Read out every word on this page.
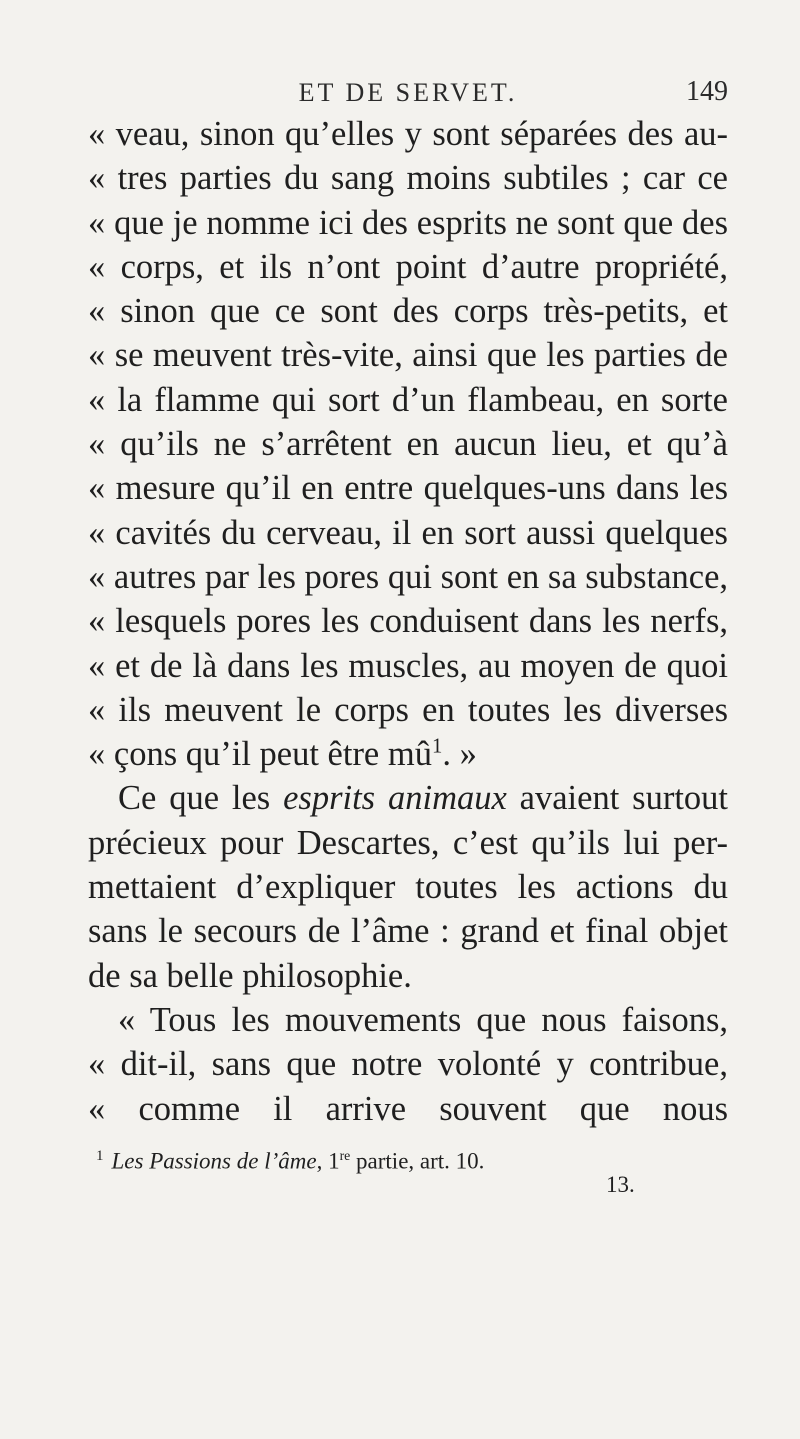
ET DE SERVET.	149
« veau, sinon qu’elles y sont séparées des au-
« tres parties du sang moins subtiles ; car ce
« que je nomme ici des esprits ne sont que des
« corps, et ils n’ont point d’autre propriété,
« sinon que ce sont des corps très-petits, et
« se meuvent très-vite, ainsi que les parties de
« la flamme qui sort d’un flambeau, en sorte
« qu’ils ne s’arrêtent en aucun lieu, et qu’à
« mesure qu’il en entre quelques-uns dans les
« cavités du cerveau, il en sort aussi quelques
« autres par les pores qui sont en sa substance,
« lesquels pores les conduisent dans les nerfs,
« et de là dans les muscles, au moyen de quoi
« ils meuvent le corps en toutes les diverses
« çons qu’il peut être $mû^1$. »
Ce que les esprits animaux avaient surtout
précieux pour Descartes, c’est qu’ils lui per-
mettaient d’expliquer toutes les actions du
sans le secours de l’âme : grand et final objet
de sa belle philosophie.
« Tous les mouvements que nous faisons,
« dit-il, sans que notre volonté y contribue,
« comme il arrive souvent que nous
$^1$ Les Passions de l’âme, 1re partie, art. 10.
13.
